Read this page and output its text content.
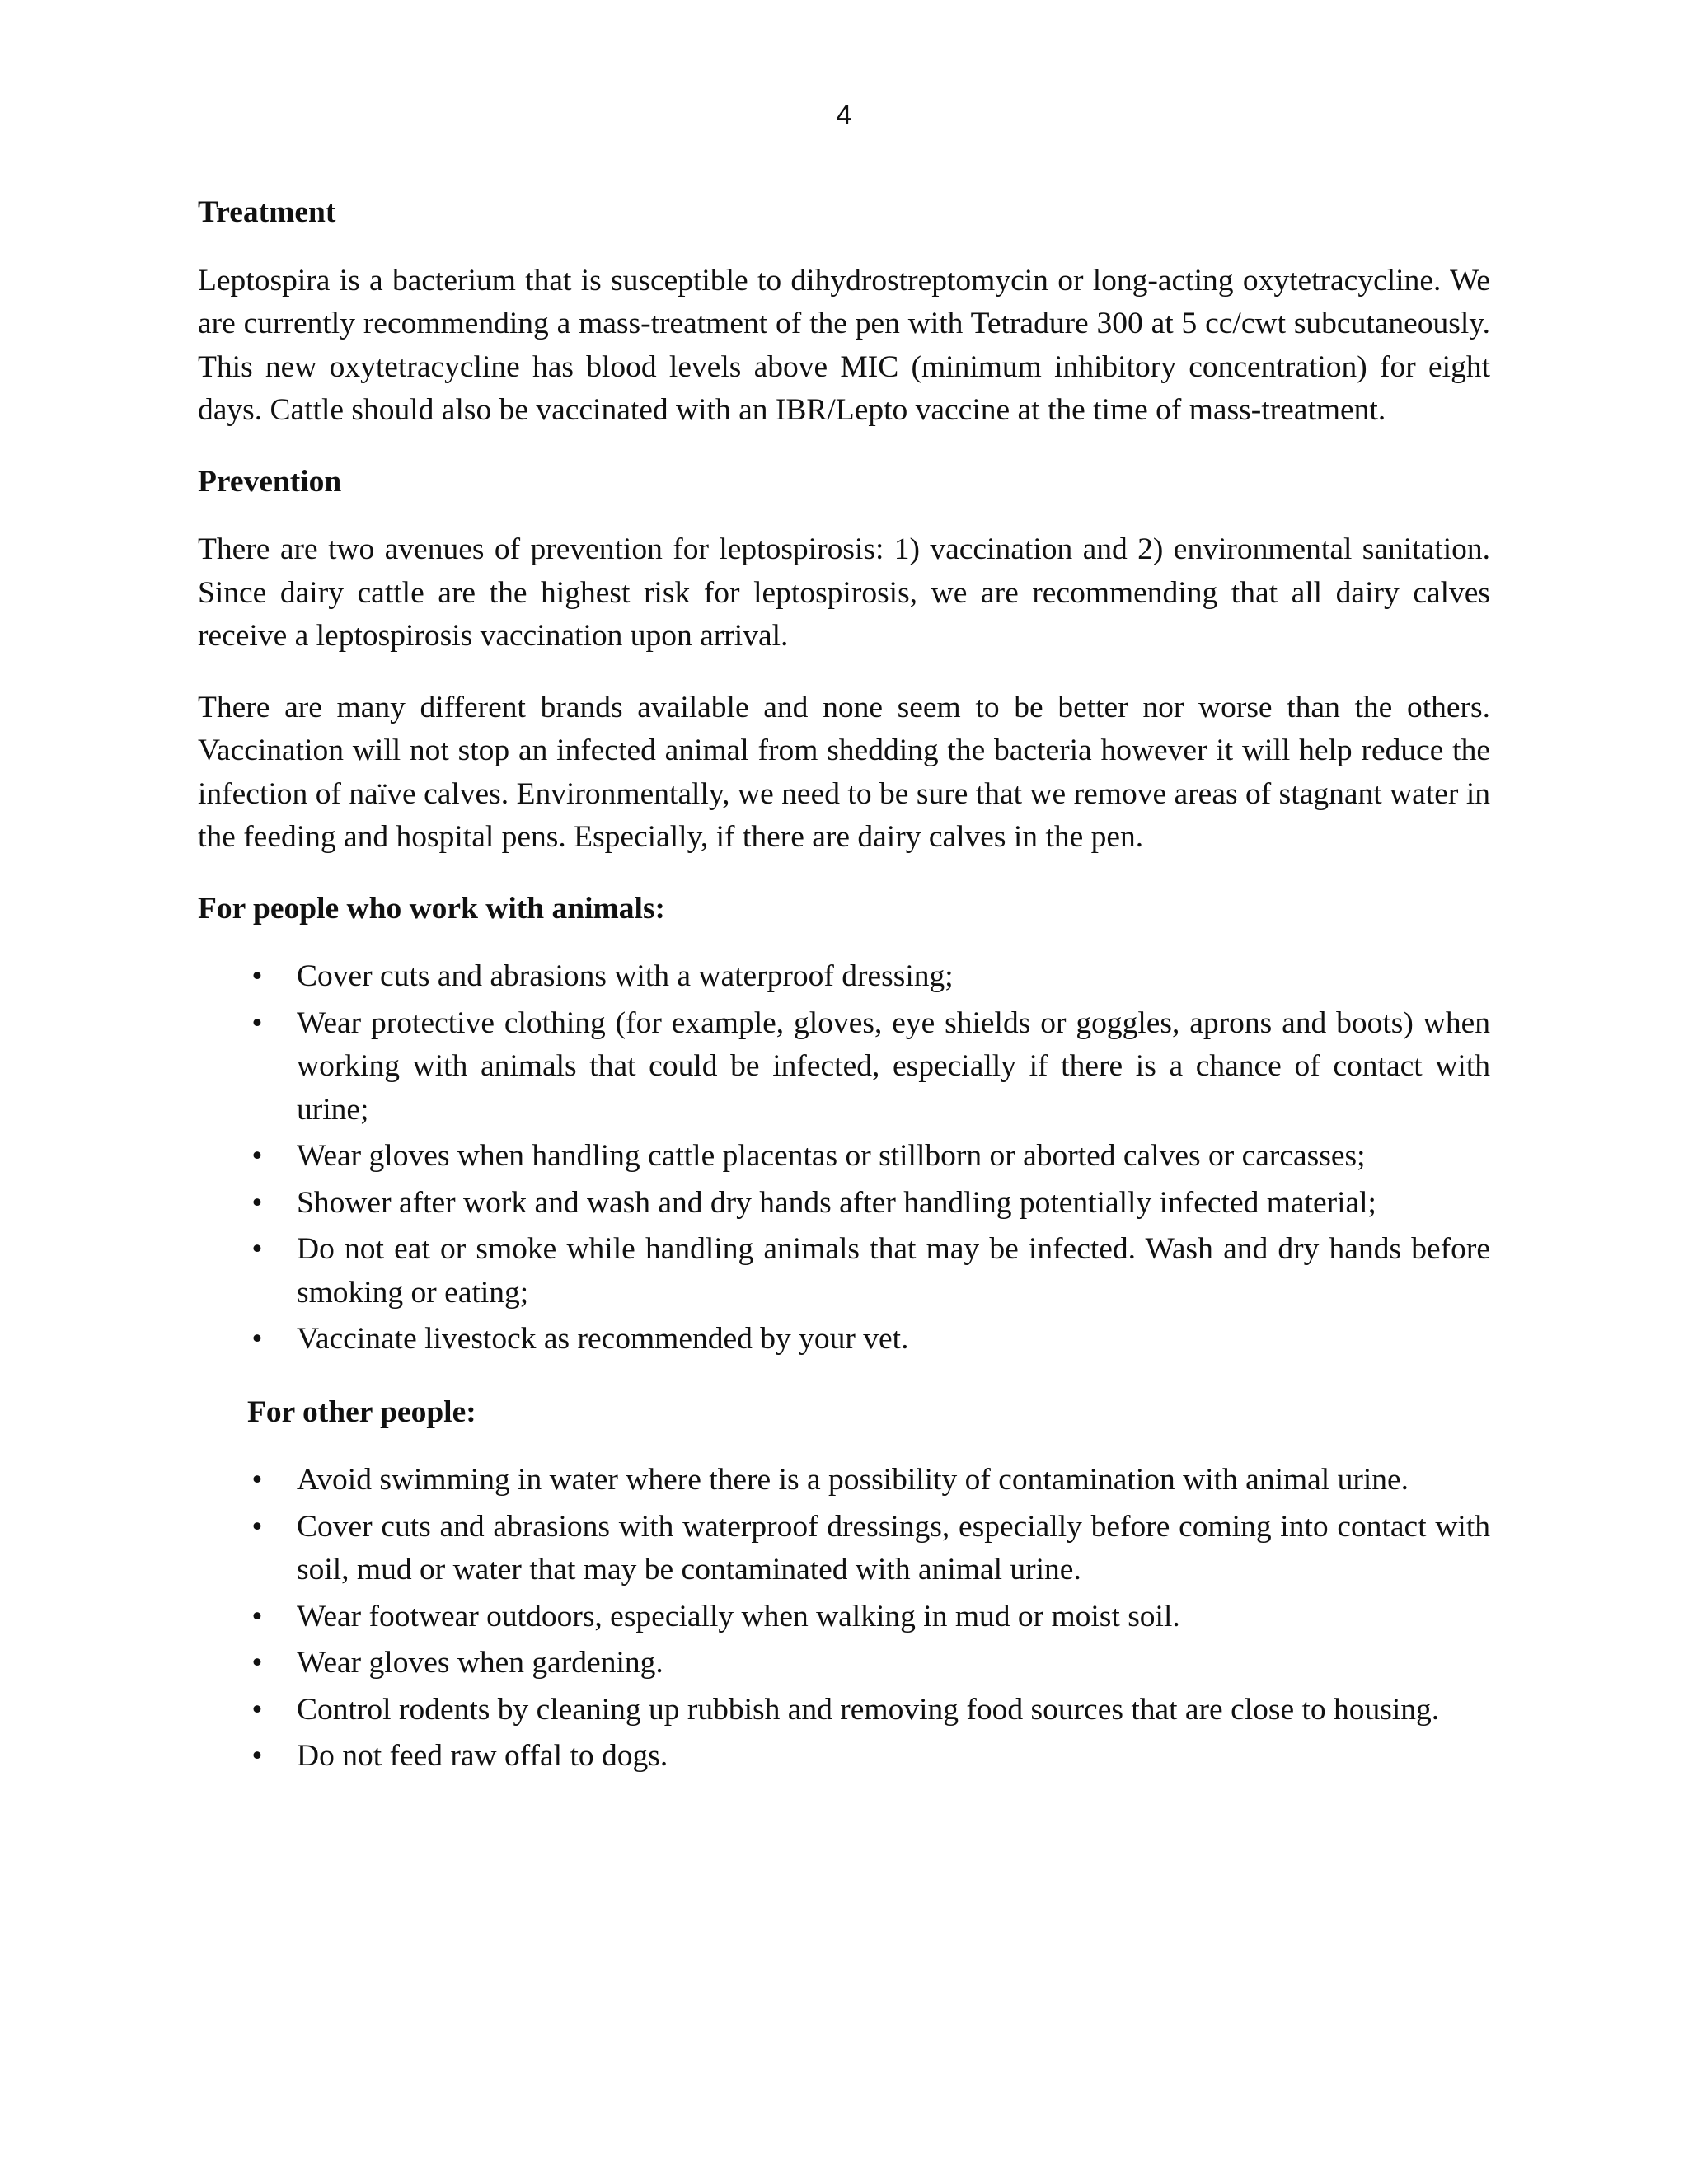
4
Treatment

Leptospira is a bacterium that is susceptible to dihydrostreptomycin or long-acting oxytetracycline. We are currently recommending a mass-treatment of the pen with Tetradure 300 at 5 cc/cwt subcutaneously. This new oxytetracycline has blood levels above MIC (minimum inhibitory concentration) for eight days. Cattle should also be vaccinated with an IBR/Lepto vaccine at the time of mass-treatment.

Prevention

There are two avenues of prevention for leptospirosis: 1) vaccination and 2) environmental sanitation. Since dairy cattle are the highest risk for leptospirosis, we are recommending that all dairy calves receive a leptospirosis vaccination upon arrival.

There are many different brands available and none seem to be better nor worse than the others. Vaccination will not stop an infected animal from shedding the bacteria however it will help reduce the infection of naïve calves. Environmentally, we need to be sure that we remove areas of stagnant water in the feeding and hospital pens. Especially, if there are dairy calves in the pen.

For people who work with animals:
• Cover cuts and abrasions with a waterproof dressing;
• Wear protective clothing (for example, gloves, eye shields or goggles, aprons and boots) when working with animals that could be infected, especially if there is a chance of contact with urine;
• Wear gloves when handling cattle placentas or stillborn or aborted calves or carcasses;
• Shower after work and wash and dry hands after handling potentially infected material;
• Do not eat or smoke while handling animals that may be infected. Wash and dry hands before smoking or eating;
• Vaccinate livestock as recommended by your vet.
For other people:
• Avoid swimming in water where there is a possibility of contamination with animal urine.
• Cover cuts and abrasions with waterproof dressings, especially before coming into contact with soil, mud or water that may be contaminated with animal urine.
• Wear footwear outdoors, especially when walking in mud or moist soil.
• Wear gloves when gardening.
• Control rodents by cleaning up rubbish and removing food sources that are close to housing.
• Do not feed raw offal to dogs.
